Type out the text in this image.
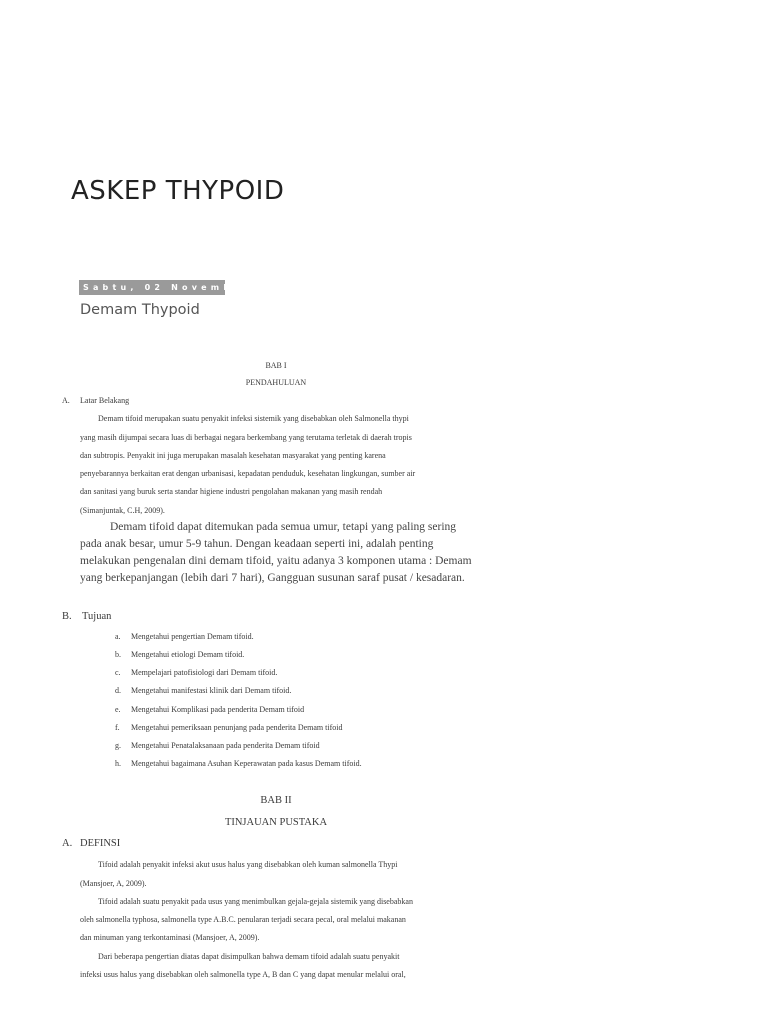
ASKEP THYPOID
Sabtu, 02 November 2013
Demam Thypoid

BAB I

PENDAHULUAN

A. Latar Belakang

Demam tifoid merupakan suatu penyakit infeksi sistemik yang disebabkan oleh Salmonella thypi

yang masih dijumpai secara luas di berbagai negara berkembang yang terutama terletak di daerah tropis

dan subtropis. Penyakit ini juga merupakan masalah kesehatan masyarakat yang penting karena

penyebarannya berkaitan erat dengan urbanisasi, kepadatan penduduk, kesehatan lingkungan, sumber air

dan sanitasi yang buruk serta standar higiene industri pengolahan makanan yang masih rendah

(Simanjuntak, C.H, 2009).

Demam tifoid dapat ditemukan pada semua umur, tetapi yang paling sering

pada anak besar, umur 5-9 tahun. Dengan keadaan seperti ini, adalah penting

melakukan pengenalan dini demam tifoid, yaitu adanya 3 komponen utama : Demam

yang berkepanjangan (lebih dari 7 hari), Gangguan susunan saraf pusat / kesadaran.

B. Tujuan

a. Mengetahui pengertian Demam tifoid.

b. Mengetahui etiologi Demam tifoid.

c. Mempelajari patofisiologi dari Demam tifoid.

d. Mengetahui manifestasi klinik dari Demam tifoid.

e. Mengetahui Komplikasi pada penderita Demam tifoid

f. Mengetahui pemeriksaan penunjang pada penderita Demam tifoid

g. Mengetahui Penatalaksanaan pada penderita Demam tifoid

h. Mengetahui bagaimana Asuhan Keperawatan pada kasus Demam tifoid.

BAB II

TINJAUAN PUSTAKA

A. DEFINSI

Tifoid adalah penyakit infeksi akut usus halus yang disebabkan oleh kuman salmonella Thypi

(Mansjoer, A, 2009).

Tifoid adalah suatu penyakit pada usus yang menimbulkan gejala-gejala sistemik yang disebabkan

oleh salmonella typhosa, salmonella type A.B.C. penularan terjadi secara pecal, oral melalui makanan

dan minuman yang terkontaminasi (Mansjoer, A, 2009).

Dari beberapa pengertian diatas dapat disimpulkan bahwa demam tifoid adalah suatu penyakit

infeksi usus halus yang disebabkan oleh salmonella type A, B dan C yang dapat menular melalui oral,
